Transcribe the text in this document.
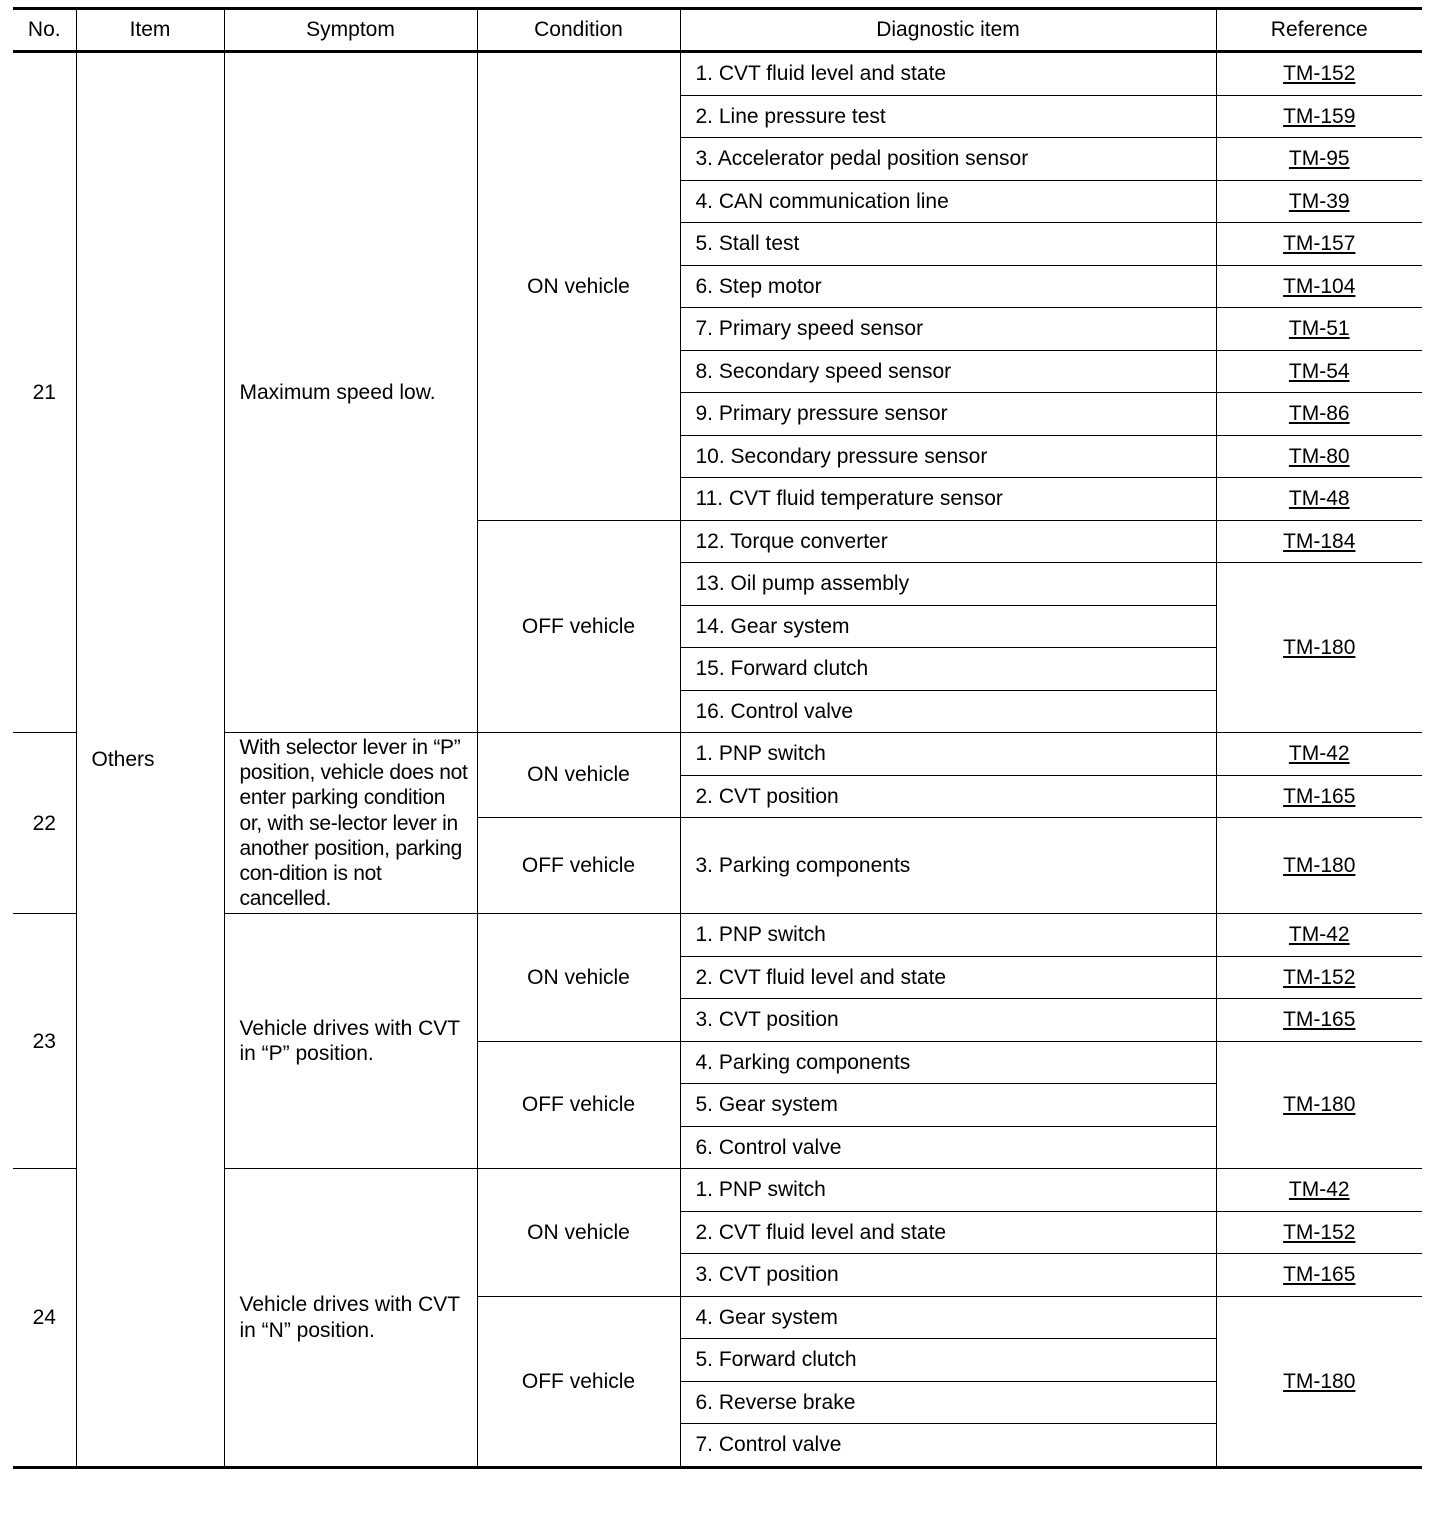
No.	Item	Symptom	Condition	Diagnostic item	Reference
21	Others	Maximum speed low.	ON vehicle	1. CVT fluid level and state	TM-152
				2. Line pressure test	TM-159
				3. Accelerator pedal position sensor	TM-95
				4. CAN communication line	TM-39
				5. Stall test	TM-157
				6. Step motor	TM-104
				7. Primary speed sensor	TM-51
				8. Secondary speed sensor	TM-54
				9. Primary pressure sensor	TM-86
				10. Secondary pressure sensor	TM-80
				11. CVT fluid temperature sensor	TM-48
			OFF vehicle	12. Torque converter	TM-184
				13. Oil pump assembly	TM-180
				14. Gear system	
				15. Forward clutch	
				16. Control valve	
22		With selector lever in “P” position, vehicle does not enter parking condition or, with se-lector lever in another position, parking con-dition is not cancelled.	ON vehicle	1. PNP switch	TM-42
				2. CVT position	TM-165
			OFF vehicle	3. Parking components	TM-180

23		Vehicle drives with CVT in “P” position.	ON vehicle	1. PNP switch	TM-42
				2. CVT fluid level and state	TM-152
				3. CVT position	TM-165
			OFF vehicle	4. Parking components	TM-180
				5. Gear system	
				6. Control valve	
24		Vehicle drives with CVT in “N” position.	ON vehicle	1. PNP switch	TM-42
				2. CVT fluid level and state	TM-152
				3. CVT position	TM-165
			OFF vehicle	4. Gear system	TM-180
				5. Forward clutch	
				6. Reverse brake	
				7. Control valve	
